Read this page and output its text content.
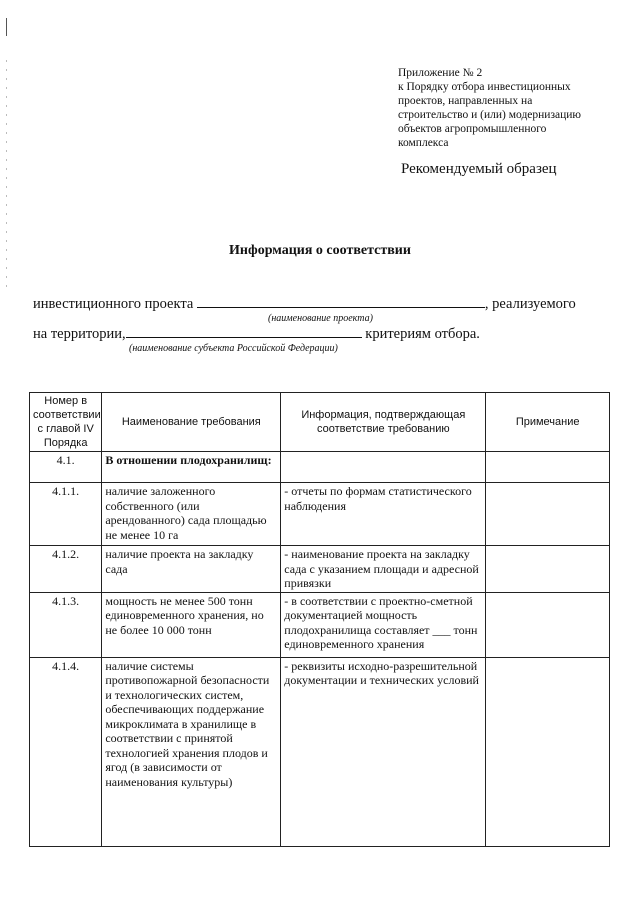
Приложение № 2
к Порядку отбора инвестиционных
проектов, направленных на
строительство и (или) модернизацию
объектов агропромышленного
комплекса
Рекомендуемый образец
Информация о соответствии
инвестиционного проекта	, реализуемого
(наименование проекта)
на территории,	критериям отбора.
(наименование субъекта Российской Федерации)
Номер в соответствии с главой IV Порядка	Наименование требования	Информация, подтверждающая соответствие требованию	Примечание
4.1.	В отношении плодохранилищ:		
4.1.1.	наличие заложенного собственного (или арендованного) сада площадью не менее 10 га	- отчеты по формам статистического наблюдения	
4.1.2.	наличие проекта на закладку сада	- наименование проекта на закладку сада с указанием площади и адресной привязки	
4.1.3.	мощность не менее 500 тонн единовременного хранения, но не более 10 000 тонн	- в соответствии с проектно-сметной документацией мощность плодохранилища составляет ___ тонн единовременного хранения	
4.1.4.	наличие системы противопожарной безопасности и технологических систем, обеспечивающих поддержание микроклимата в хранилище в соответствии с принятой технологией хранения плодов и ягод (в зависимости от наименования культуры)	- реквизиты исходно-разрешительной документации и технических условий	
